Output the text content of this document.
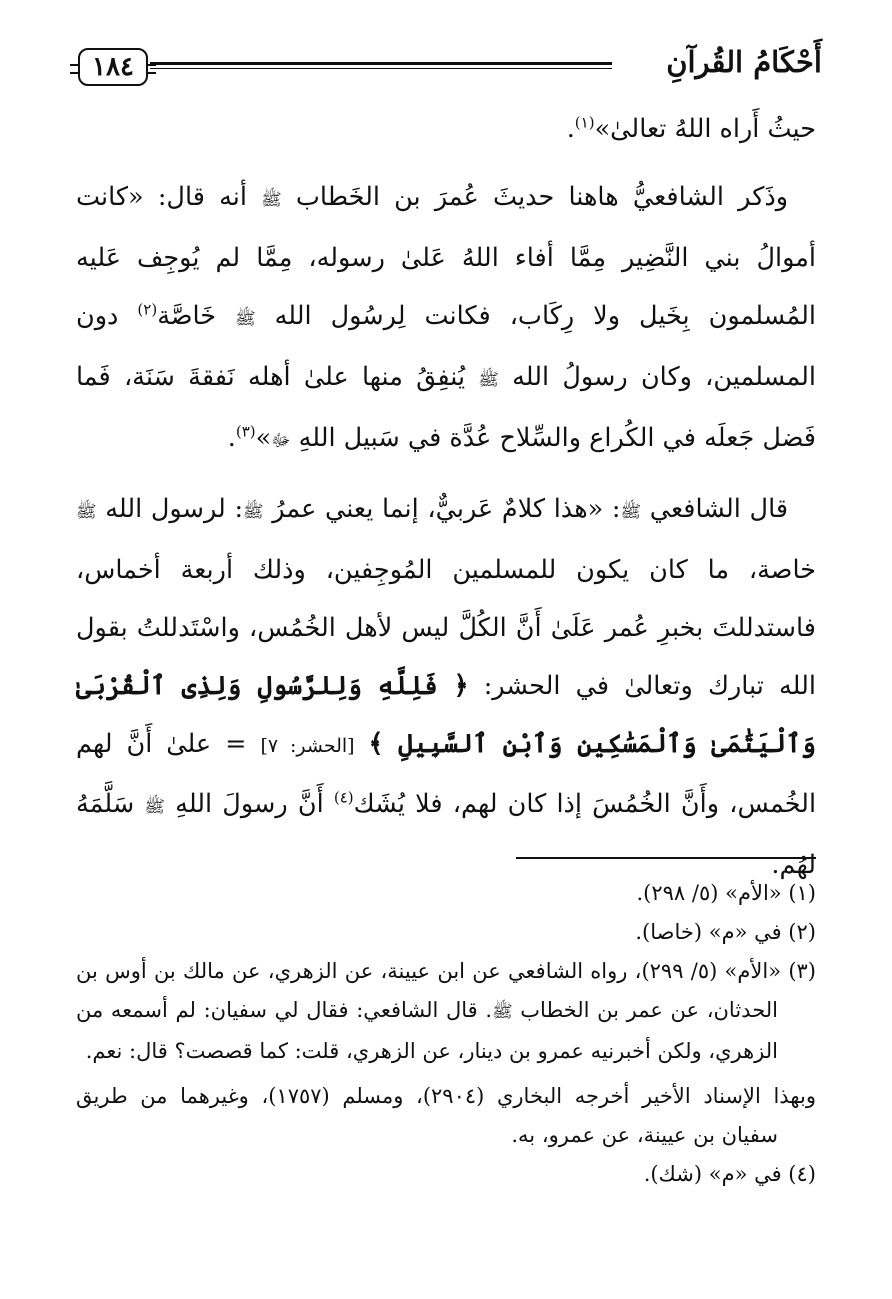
أَحْكَامُ القُرآنِ
١٨٤

حيثُ أَراه اللهُ تعالىٰ»$^{(١)}$.

وذَكر الشافعيُّ هاهنا حديثَ عُمرَ بن الخَطاب ﷺ أنه قال: «كانت أموالُ بني النَّضِير مِمَّا أفاء اللهُ عَلىٰ رسوله، مِمَّا لم يُوجِف عَليه المُسلمون بِخَيل ولا رِكَاب، فكانت لِرسُول الله ﷺ خَاصَّة$^{(٢)}$ دون المسلمين، وكان رسولُ الله ﷺ يُنفِقُ منها علىٰ أهله نَفقةَ سَنَة، فَما فَضل جَعلَه في الكُراع والسِّلاح عُدَّة في سَبيل اللهِ ﷻ»$^{(٣)}$.

قال الشافعي ﷺ: «هذا كلامٌ عَربيٌّ، إنما يعني عمرُ ﷺ: لرسول الله ﷺ خاصة، ما كان يكون للمسلمين المُوجِفين، وذلك أربعة أخماس، فاستدللتَ بخبرِ عُمر عَلَىٰ أَنَّ الكُلَّ ليس لأهل الخُمُس، واسْتَدللتُ بقول الله تبارك وتعالىٰ في الحشر: ﴿ فَلِلَّهِ وَلِلرَّسُولِ وَلِذِى ٱلْقُرْبَىٰ وَٱلْيَتَٰمَىٰ وَٱلْمَسَٰكِينِ وَٱبْنِ ٱلسَّبِيلِ ﴾ [الحشر: ٧] = علىٰ أَنَّ لهم الخُمس، وأَنَّ الخُمُسَ إذا كان لهم، فلا يُشَك$^{(٤)}$ أَنَّ رسولَ اللهِ ﷺ سَلَّمَهُ لهُم.

(١) «الأم» (٥/ ٢٩٨).

(٢) في «م» (خاصا).

(٣) «الأم» (٥/ ٢٩٩)، رواه الشافعي عن ابن عيينة، عن الزهري، عن مالك بن أوس بن الحدثان، عن عمر بن الخطاب ﷺ. قال الشافعي: فقال لي سفيان: لم أسمعه من الزهري، ولكن أخبرنيه عمرو بن دينار، عن الزهري، قلت: كما قصصت؟ قال: نعم.

وبهذا الإسناد الأخير أخرجه البخاري (٢٩٠٤)، ومسلم (١٧٥٧)، وغيرهما من طريق سفيان بن عيينة، عن عمرو، به.

(٤) في «م» (شك).
